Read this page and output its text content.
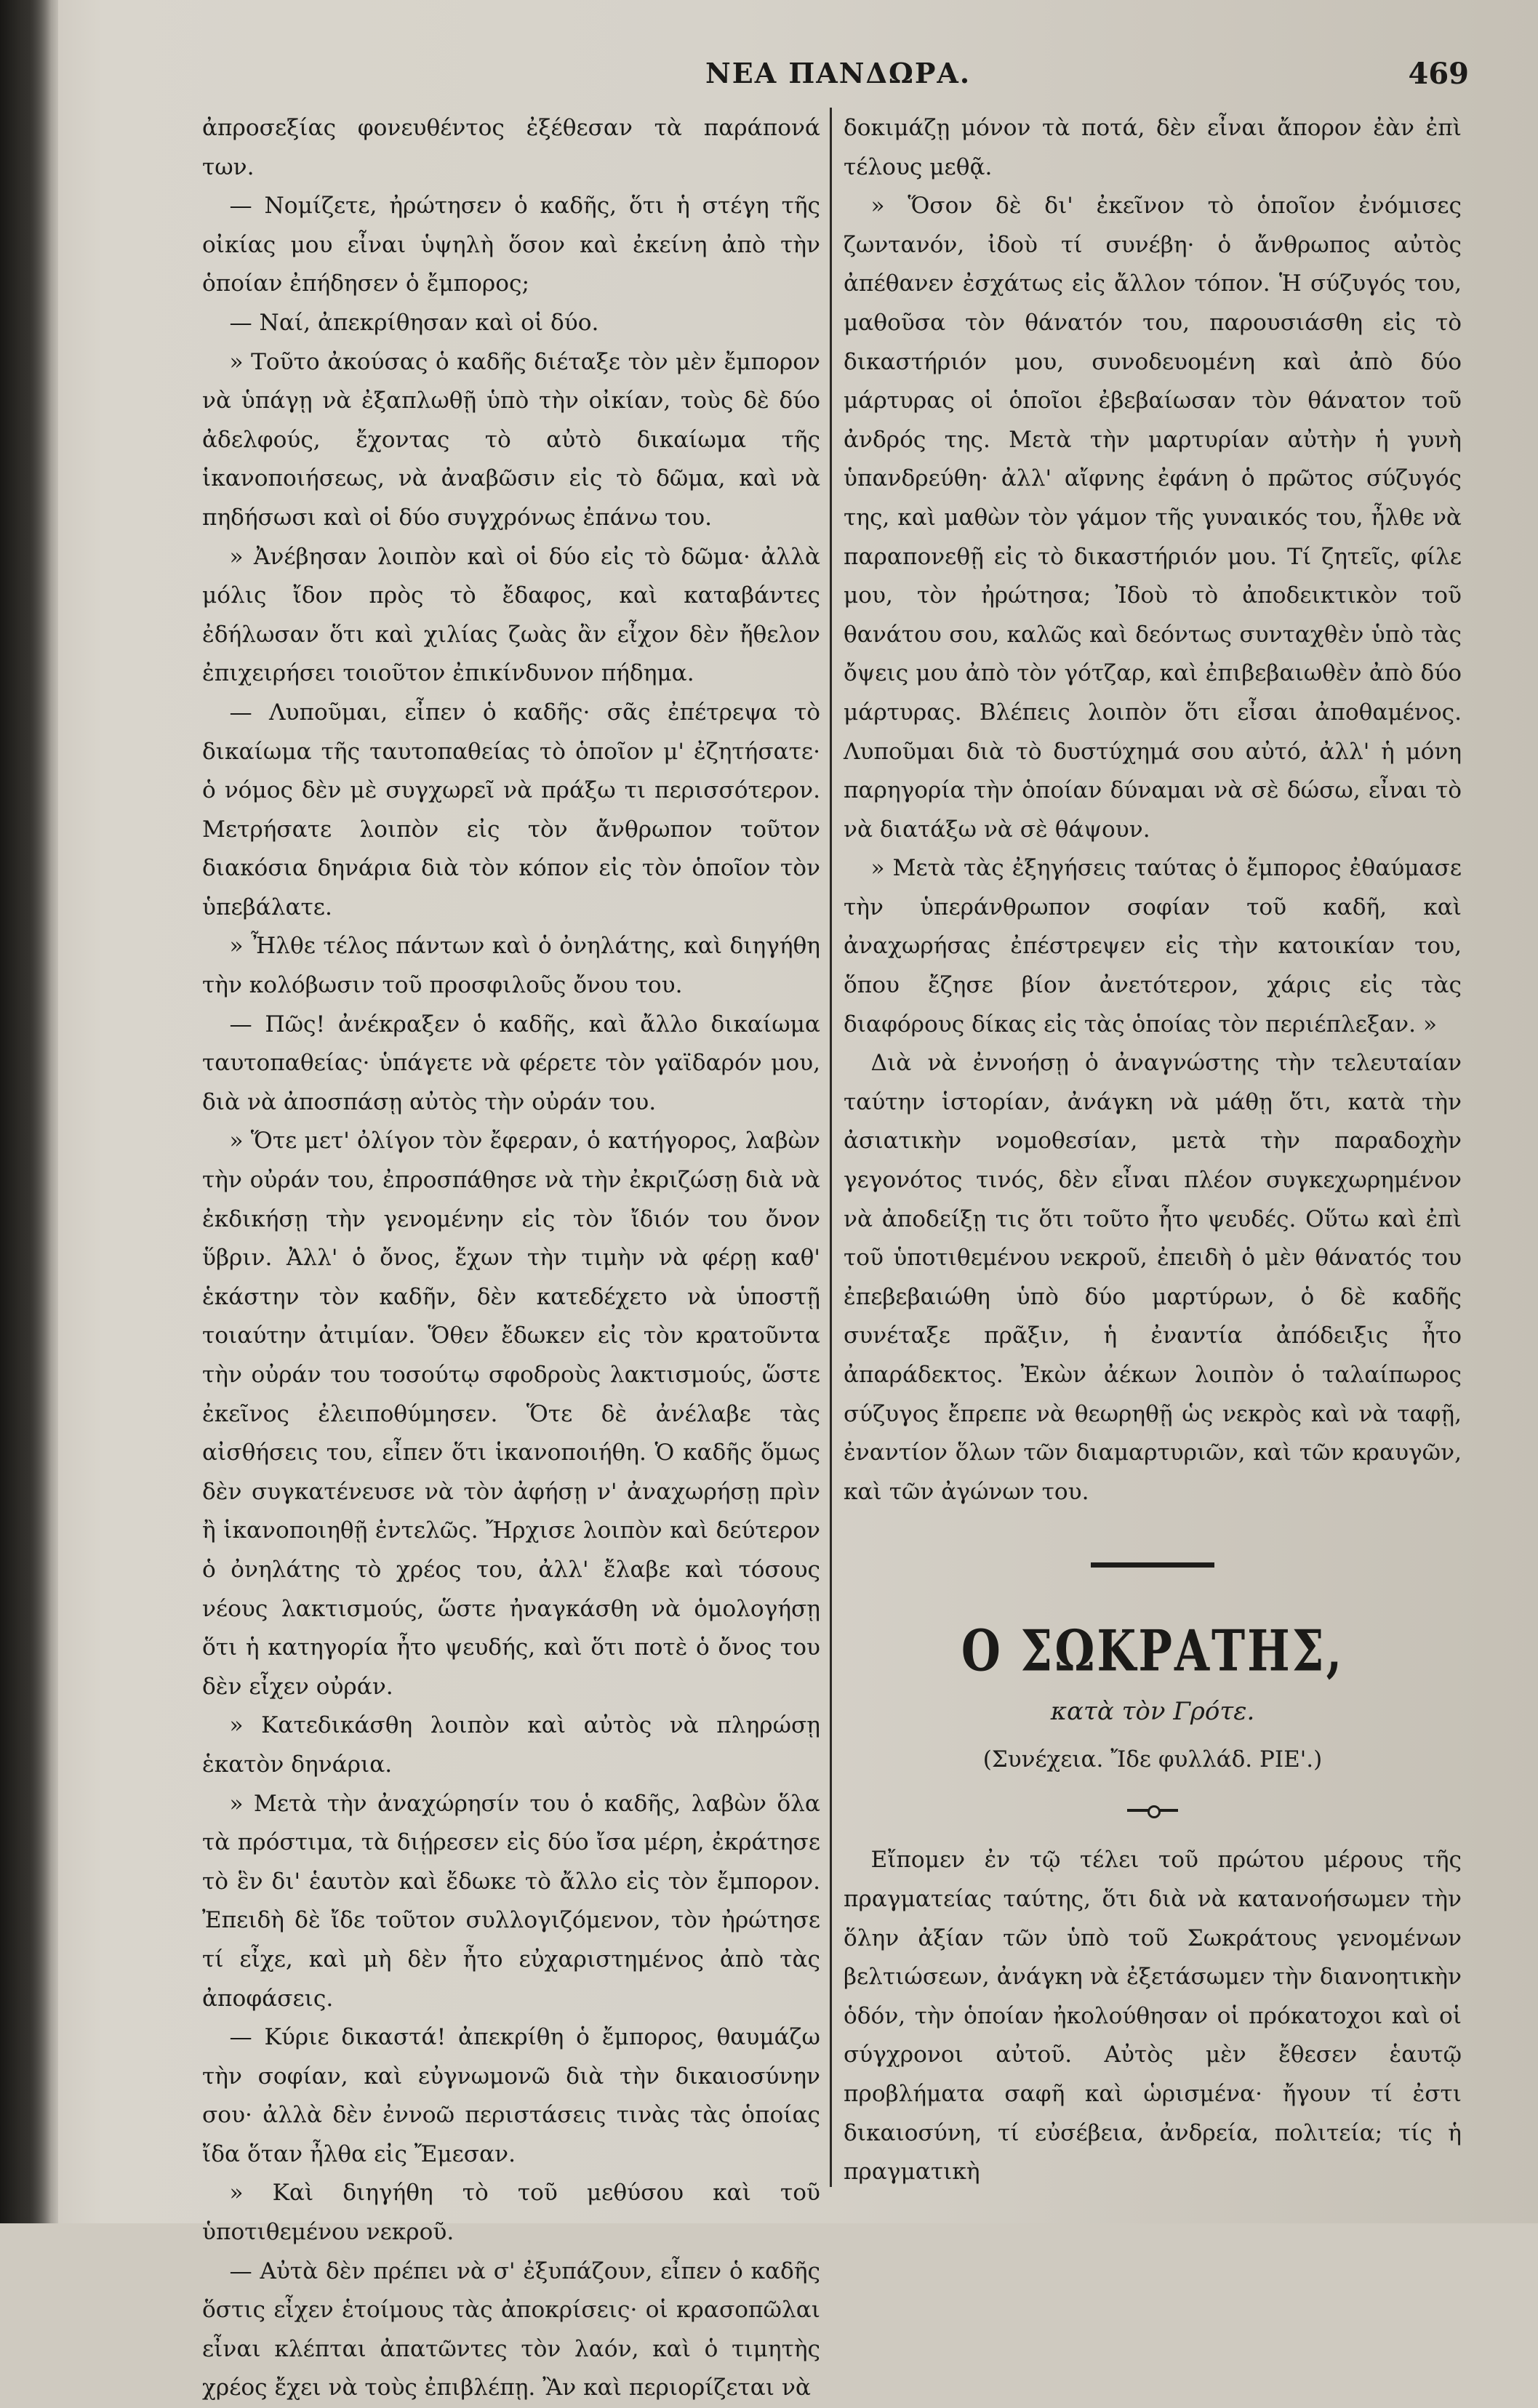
ΝΕΑ ΠΑΝΔΩΡΑ.	469

ἀπροσεξίας φονευθέντος ἐξέθεσαν τὰ παράπονά των.

— Νομίζετε, ἠρώτησεν ὁ καδῆς, ὅτι ἡ στέγη τῆς οἰκίας μου εἶναι ὑψηλὴ ὅσον καὶ ἐκείνη ἀπὸ τὴν ὁποίαν ἐπήδησεν ὁ ἔμπορος;

— Ναί, ἀπεκρίθησαν καὶ οἱ δύο.

» Τοῦτο ἀκούσας ὁ καδῆς διέταξε τὸν μὲν ἔμπορον νὰ ὑπάγῃ νὰ ἐξαπλωθῇ ὑπὸ τὴν οἰκίαν, τοὺς δὲ δύο ἀδελφούς, ἔχοντας τὸ αὐτὸ δικαίωμα τῆς ἱκανοποιήσεως, νὰ ἀναβῶσιν εἰς τὸ δῶμα, καὶ νὰ πηδήσωσι καὶ οἱ δύο συγχρόνως ἐπάνω του.

» Ἀνέβησαν λοιπὸν καὶ οἱ δύο εἰς τὸ δῶμα· ἀλλὰ μόλις ἴδον πρὸς τὸ ἔδαφος, καὶ καταβάντες ἐδήλωσαν ὅτι καὶ χιλίας ζωὰς ἂν εἶχον δὲν ἤθελον ἐπιχειρήσει τοιοῦτον ἐπικίνδυνον πήδημα.

— Λυποῦμαι, εἶπεν ὁ καδῆς· σᾶς ἐπέτρεψα τὸ δικαίωμα τῆς ταυτοπαθείας τὸ ὁποῖον μ' ἐζητήσατε· ὁ νόμος δὲν μὲ συγχωρεῖ νὰ πράξω τι περισσότερον. Μετρήσατε λοιπὸν εἰς τὸν ἄνθρωπον τοῦτον διακόσια δηνάρια διὰ τὸν κόπον εἰς τὸν ὁποῖον τὸν ὑπεβάλατε.

» Ἦλθε τέλος πάντων καὶ ὁ ὀνηλάτης, καὶ διηγήθη τὴν κολόβωσιν τοῦ προσφιλοῦς ὄνου του.

— Πῶς! ἀνέκραξεν ὁ καδῆς, καὶ ἄλλο δικαίωμα ταυτοπαθείας· ὑπάγετε νὰ φέρετε τὸν γαϊδαρόν μου, διὰ νὰ ἀποσπάσῃ αὐτὸς τὴν οὐράν του.

» Ὅτε μετ' ὀλίγον τὸν ἔφεραν, ὁ κατήγορος, λαβὼν τὴν οὐράν του, ἐπροσπάθησε νὰ τὴν ἐκριζώσῃ διὰ νὰ ἐκδικήσῃ τὴν γενομένην εἰς τὸν ἴδιόν του ὄνον ὕβριν. Ἀλλ' ὁ ὄνος, ἔχων τὴν τιμὴν νὰ φέρῃ καθ' ἑκάστην τὸν καδῆν, δὲν κατεδέχετο νὰ ὑποστῇ τοιαύτην ἀτιμίαν. Ὅθεν ἔδωκεν εἰς τὸν κρατοῦντα τὴν οὐράν του τοσούτῳ σφοδροὺς λακτισμούς, ὥστε ἐκεῖνος ἐλειποθύμησεν. Ὅτε δὲ ἀνέλαβε τὰς αἰσθήσεις του, εἶπεν ὅτι ἱκανοποιήθη. Ὁ καδῆς ὅμως δὲν συγκατένευσε νὰ τὸν ἀφήσῃ ν' ἀναχωρήσῃ πρὶν ἢ ἱκανοποιηθῇ ἐντελῶς. Ἤρχισε λοιπὸν καὶ δεύτερον ὁ ὀνηλάτης τὸ χρέος του, ἀλλ' ἔλαβε καὶ τόσους νέους λακτισμούς, ὥστε ἠναγκάσθη νὰ ὁμολογήσῃ ὅτι ἡ κατηγορία ἦτο ψευδής, καὶ ὅτι ποτὲ ὁ ὄνος του δὲν εἶχεν οὐράν.

» Κατεδικάσθη λοιπὸν καὶ αὐτὸς νὰ πληρώσῃ ἑκατὸν δηνάρια.

» Μετὰ τὴν ἀναχώρησίν του ὁ καδῆς, λαβὼν ὅλα τὰ πρόστιμα, τὰ διῄρεσεν εἰς δύο ἴσα μέρη, ἐκράτησε τὸ ἓν δι' ἑαυτὸν καὶ ἔδωκε τὸ ἄλλο εἰς τὸν ἔμπορον. Ἐπειδὴ δὲ ἴδε τοῦτον συλλογιζόμενον, τὸν ἠρώτησε τί εἶχε, καὶ μὴ δὲν ἦτο εὐχαριστημένος ἀπὸ τὰς ἀποφάσεις.

— Κύριε δικαστά! ἀπεκρίθη ὁ ἔμπορος, θαυμάζω τὴν σοφίαν, καὶ εὐγνωμονῶ διὰ τὴν δικαιοσύνην σου· ἀλλὰ δὲν ἐννοῶ περιστάσεις τινὰς τὰς ὁποίας ἴδα ὅταν ἦλθα εἰς Ἔμεσαν.

» Καὶ διηγήθη τὸ τοῦ μεθύσου καὶ τοῦ ὑποτιθεμένου νεκροῦ.

— Αὐτὰ δὲν πρέπει νὰ σ' ἐξυπάζουν, εἶπεν ὁ καδῆς ὅστις εἶχεν ἑτοίμους τὰς ἀποκρίσεις· οἱ κρασοπῶλαι εἶναι κλέπται ἀπατῶντες τὸν λαόν, καὶ ὁ τιμητὴς χρέος ἔχει νὰ τοὺς ἐπιβλέπῃ. Ἂν καὶ περιορίζεται νὰ

δοκιμάζῃ μόνον τὰ ποτά, δὲν εἶναι ἄπορον ἐὰν ἐπὶ τέλους μεθᾷ.

» Ὅσον δὲ δι' ἐκεῖνον τὸ ὁποῖον ἐνόμισες ζωντανόν, ἰδοὺ τί συνέβη· ὁ ἄνθρωπος αὐτὸς ἀπέθανεν ἐσχάτως εἰς ἄλλον τόπον. Ἡ σύζυγός του, μαθοῦσα τὸν θάνατόν του, παρουσιάσθη εἰς τὸ δικαστήριόν μου, συνοδευομένη καὶ ἀπὸ δύο μάρτυρας οἱ ὁποῖοι ἐβεβαίωσαν τὸν θάνατον τοῦ ἀνδρός της. Μετὰ τὴν μαρτυρίαν αὐτὴν ἡ γυνὴ ὑπανδρεύθη· ἀλλ' αἴφνης ἐφάνη ὁ πρῶτος σύζυγός της, καὶ μαθὼν τὸν γάμον τῆς γυναικός του, ἦλθε νὰ παραπονεθῇ εἰς τὸ δικαστήριόν μου. Τί ζητεῖς, φίλε μου, τὸν ἠρώτησα; Ἰδοὺ τὸ ἀποδεικτικὸν τοῦ θανάτου σου, καλῶς καὶ δεόντως συνταχθὲν ὑπὸ τὰς ὄψεις μου ἀπὸ τὸν γότζαρ, καὶ ἐπιβεβαιωθὲν ἀπὸ δύο μάρτυρας. Βλέπεις λοιπὸν ὅτι εἶσαι ἀποθαμένος. Λυποῦμαι διὰ τὸ δυστύχημά σου αὐτό, ἀλλ' ἡ μόνη παρηγορία τὴν ὁποίαν δύναμαι νὰ σὲ δώσω, εἶναι τὸ νὰ διατάξω νὰ σὲ θάψουν.

» Μετὰ τὰς ἐξηγήσεις ταύτας ὁ ἔμπορος ἐθαύμασε τὴν ὑπεράνθρωπον σοφίαν τοῦ καδῆ, καὶ ἀναχωρήσας ἐπέστρεψεν εἰς τὴν κατοικίαν του, ὅπου ἔζησε βίον ἀνετότερον, χάρις εἰς τὰς διαφόρους δίκας εἰς τὰς ὁποίας τὸν περιέπλεξαν. »

Διὰ νὰ ἐννοήσῃ ὁ ἀναγνώστης τὴν τελευταίαν ταύτην ἱστορίαν, ἀνάγκη νὰ μάθῃ ὅτι, κατὰ τὴν ἀσιατικὴν νομοθεσίαν, μετὰ τὴν παραδοχὴν γεγονότος τινός, δὲν εἶναι πλέον συγκεχωρημένον νὰ ἀποδείξῃ τις ὅτι τοῦτο ἦτο ψευδές. Οὕτω καὶ ἐπὶ τοῦ ὑποτιθεμένου νεκροῦ, ἐπειδὴ ὁ μὲν θάνατός του ἐπεβεβαιώθη ὑπὸ δύο μαρτύρων, ὁ δὲ καδῆς συνέταξε πρᾶξιν, ἡ ἐναντία ἀπόδειξις ἦτο ἀπαράδεκτος. Ἐκὼν ἀέκων λοιπὸν ὁ ταλαίπωρος σύζυγος ἔπρεπε νὰ θεωρηθῇ ὡς νεκρὸς καὶ νὰ ταφῇ, ἐναντίον ὅλων τῶν διαμαρτυριῶν, καὶ τῶν κραυγῶν, καὶ τῶν ἀγώνων του.

Ο ΣΩΚΡΑΤΗΣ,
κατὰ τὸν Γρότε.
(Συνέχεια. Ἴδε φυλλάδ. ΡΙΕ'.)

Εἴπομεν ἐν τῷ τέλει τοῦ πρώτου μέρους τῆς πραγματείας ταύτης, ὅτι διὰ νὰ κατανοήσωμεν τὴν ὅλην ἀξίαν τῶν ὑπὸ τοῦ Σωκράτους γενομένων βελτιώσεων, ἀνάγκη νὰ ἐξετάσωμεν τὴν διανοητικὴν ὁδόν, τὴν ὁποίαν ἠκολούθησαν οἱ πρόκατοχοι καὶ οἱ σύγχρονοι αὐτοῦ. Αὐτὸς μὲν ἔθεσεν ἑαυτῷ προβλήματα σαφῆ καὶ ὡρισμένα· ἤγουν τί ἐστι δικαιοσύνη, τί εὐσέβεια, ἀνδρεία, πολιτεία; τίς ἡ πραγματικὴ
